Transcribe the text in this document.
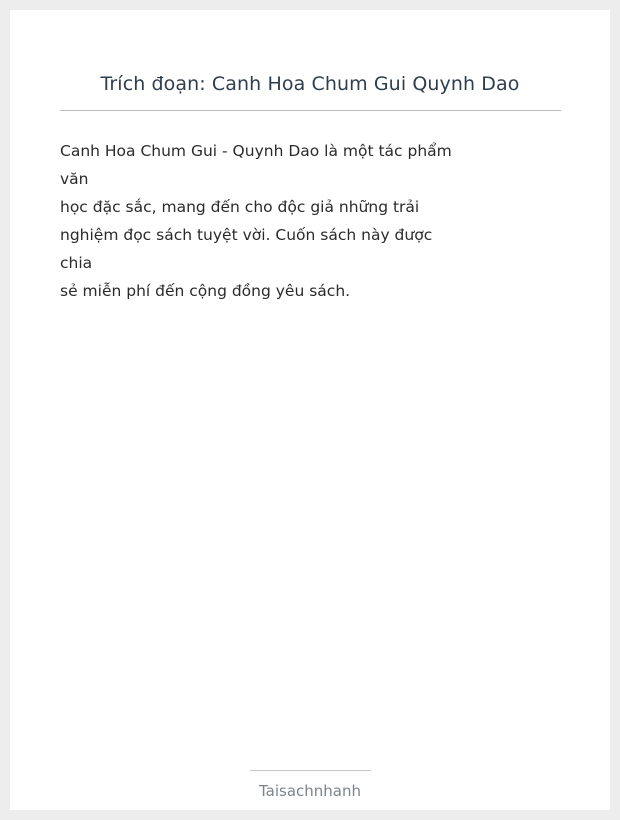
Trích đoạn: Canh Hoa Chum Gui Quynh Dao
Canh Hoa Chum Gui - Quynh Dao là một tác phẩm
văn
học đặc sắc, mang đến cho độc giả những trải
nghiệm đọc sách tuyệt vời. Cuốn sách này được
chia
sẻ miễn phí đến cộng đồng yêu sách.
Taisachnhanh
